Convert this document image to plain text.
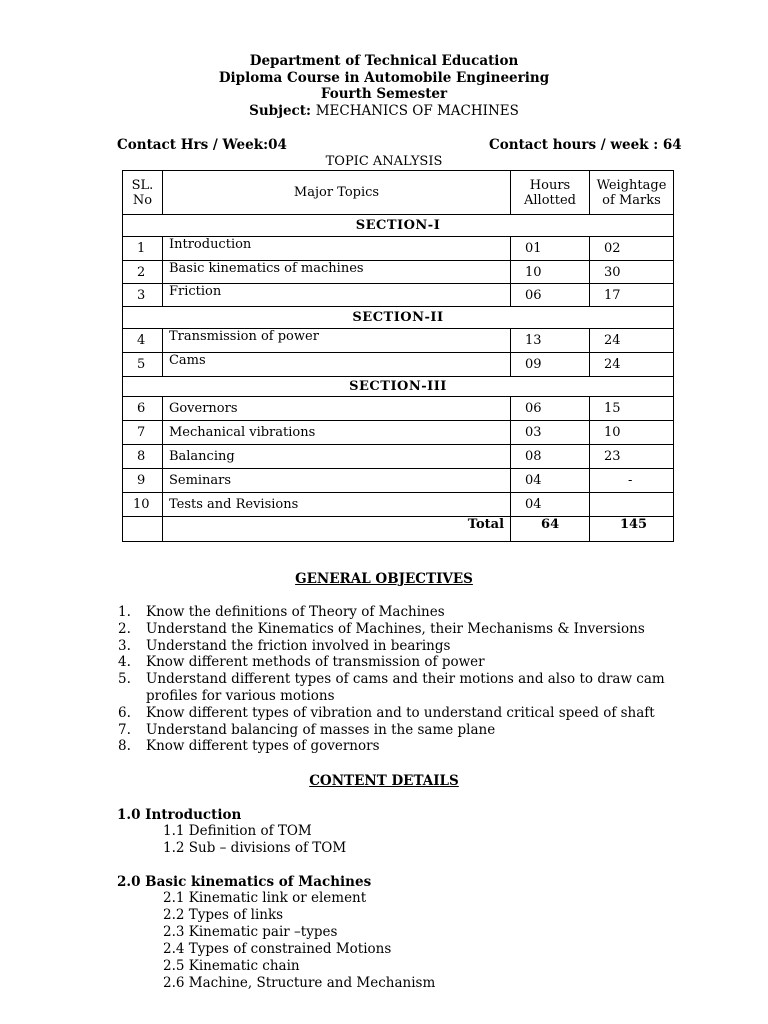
Department of Technical Education
Diploma Course in Automobile Engineering
Fourth Semester
Subject: MECHANICS OF MACHINES
Contact Hrs / Week:04	Contact hours / week : 64
TOPIC ANALYSIS
SL. No	Major Topics	Hours Allotted	Weightage of Marks
SECTION-I			
1	Introduction	01	02
2	Basic kinematics of machines	10	30
3	Friction	06	17
SECTION-II			
4	Transmission of power	13	24
5	Cams	09	24
SECTION-III			
6	Governors	06	15
7	Mechanical vibrations	03	10
8	Balancing	08	23
9	Seminars	04	-
10	Tests and Revisions	04	
	Total	64	145
GENERAL OBJECTIVES
1. Know the definitions of Theory of Machines
2. Understand the Kinematics of Machines, their Mechanisms & Inversions
3. Understand the friction involved in bearings
4. Know different methods of transmission of power
5. Understand different types of cams and their motions and also to draw cam profiles for various motions
6. Know different types of vibration and to understand critical speed of shaft
7. Understand balancing of masses in the same plane
8. Know different types of governors
CONTENT DETAILS
1.0 Introduction
1.1 Definition of TOM
1.2 Sub – divisions of TOM
2.0 Basic kinematics of Machines
2.1 Kinematic link or element
2.2 Types of links
2.3 Kinematic pair –types
2.4 Types of constrained Motions
2.5 Kinematic chain
2.6 Machine, Structure and Mechanism
